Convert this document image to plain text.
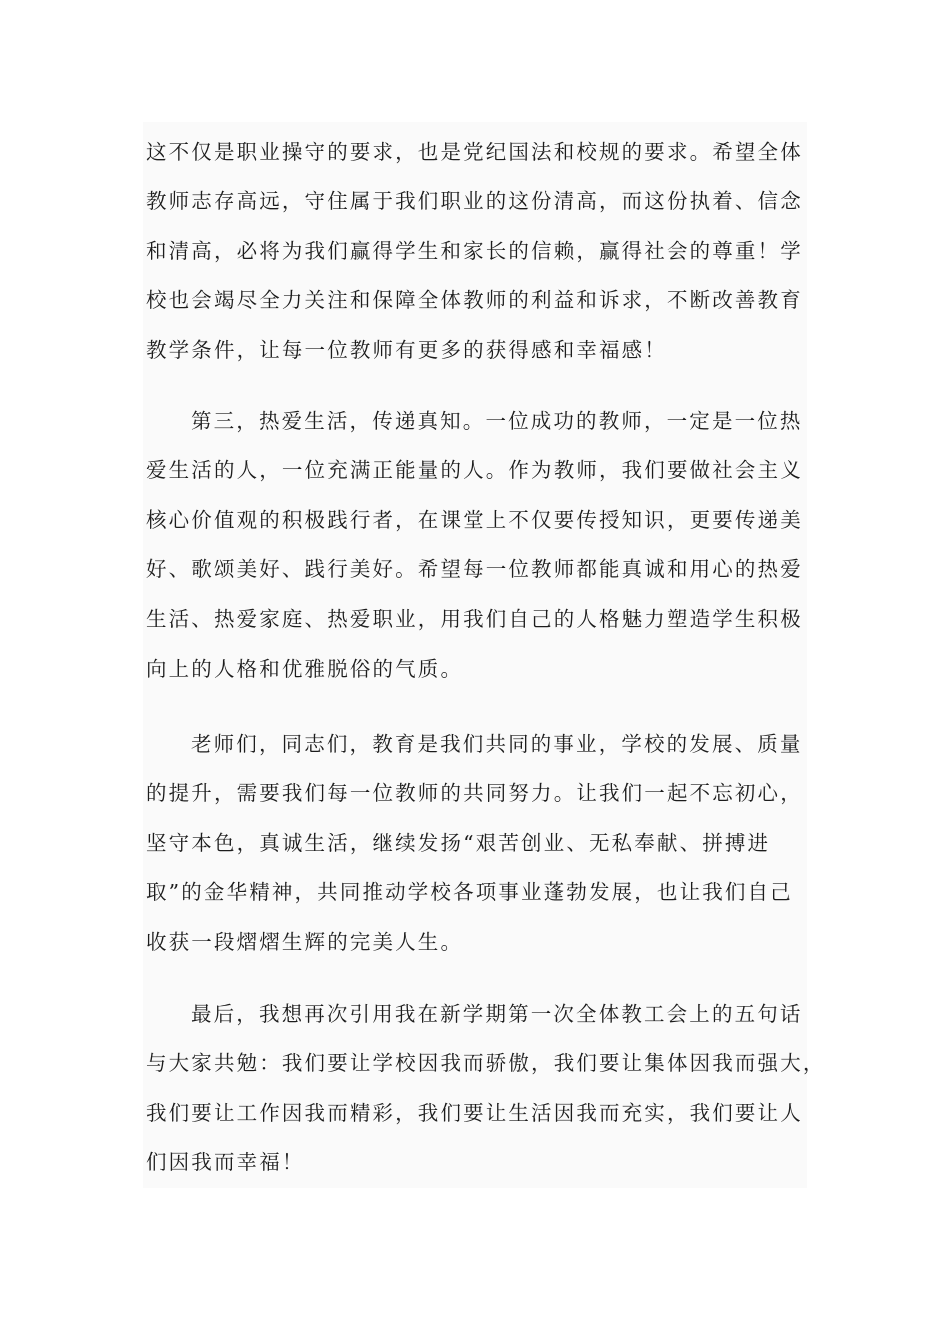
这不仅是职业操守的要求，也是党纪国法和校规的要求。希望全体
教师志存高远，守住属于我们职业的这份清高，而这份执着、信念
和清高，必将为我们赢得学生和家长的信赖，赢得社会的尊重！学
校也会竭尽全力关注和保障全体教师的利益和诉求，不断改善教育
教学条件，让每一位教师有更多的获得感和幸福感！
第三，热爱生活，传递真知。一位成功的教师，一定是一位热
爱生活的人，一位充满正能量的人。作为教师，我们要做社会主义
核心价值观的积极践行者，在课堂上不仅要传授知识，更要传递美
好、歌颂美好、践行美好。希望每一位教师都能真诚和用心的热爱
生活、热爱家庭、热爱职业，用我们自己的人格魅力塑造学生积极
向上的人格和优雅脱俗的气质。
老师们，同志们，教育是我们共同的事业，学校的发展、质量
的提升，需要我们每一位教师的共同努力。让我们一起不忘初心，
坚守本色，真诚生活，继续发扬“艰苦创业、无私奉献、拼搏进
取”的金华精神，共同推动学校各项事业蓬勃发展，也让我们自己
收获一段熠熠生辉的完美人生。
最后，我想再次引用我在新学期第一次全体教工会上的五句话
与大家共勉：我们要让学校因我而骄傲，我们要让集体因我而强大，
我们要让工作因我而精彩，我们要让生活因我而充实，我们要让人
们因我而幸福！
